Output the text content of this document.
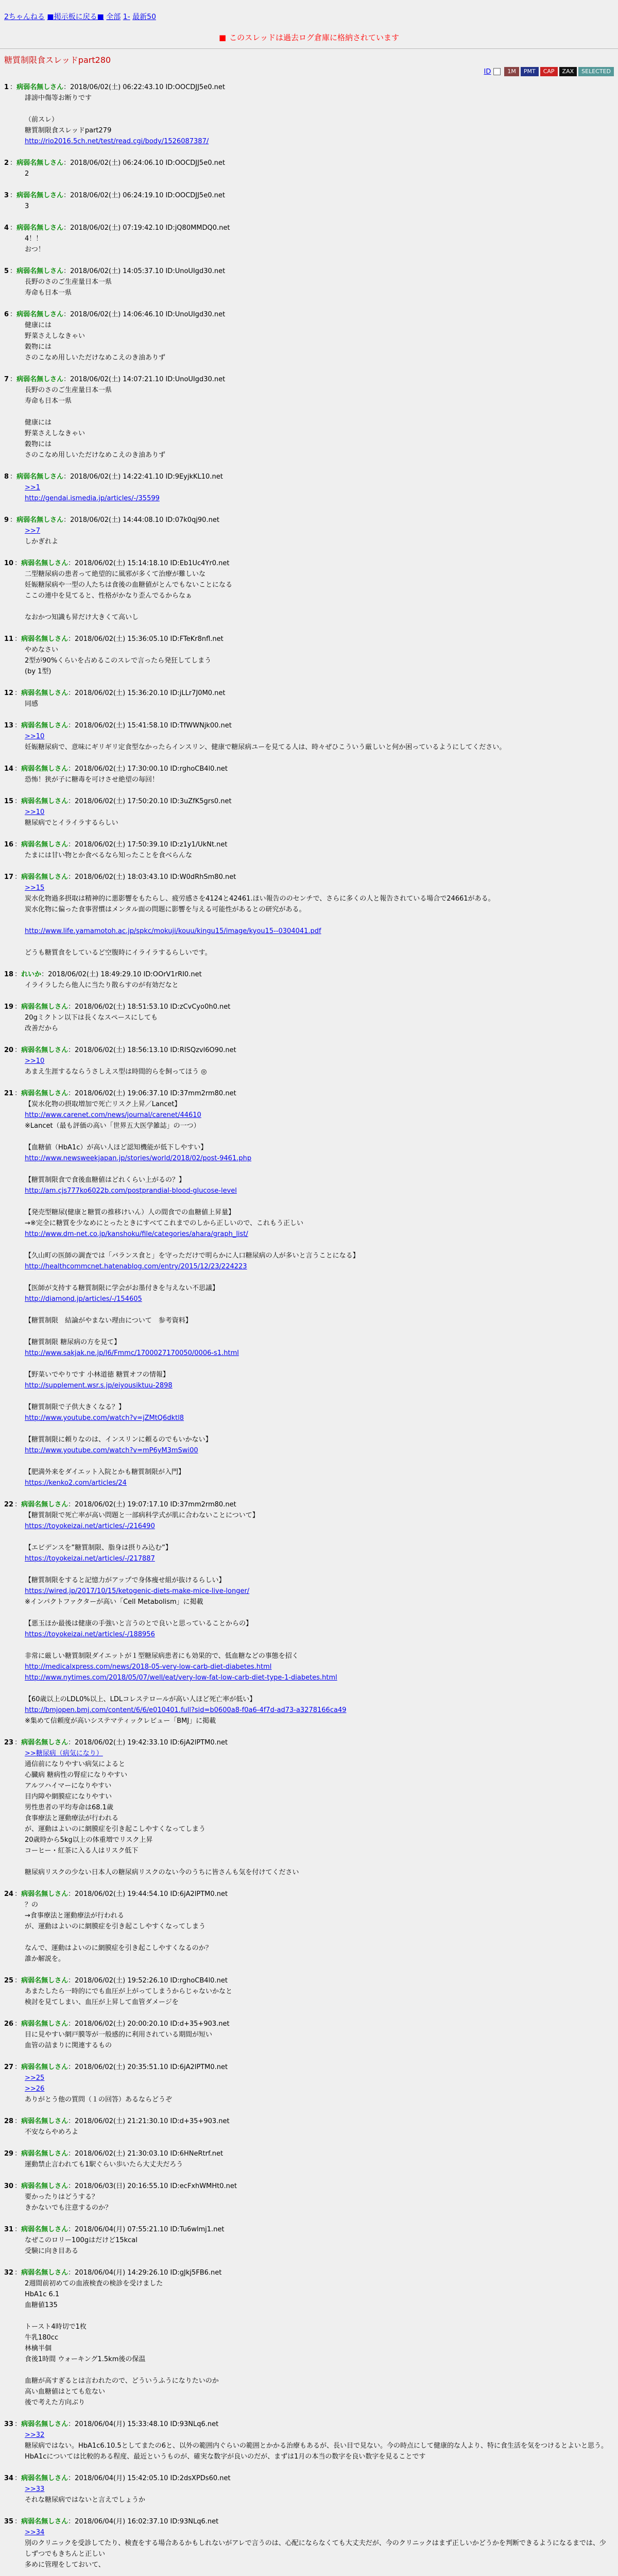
2ちゃんねる ■掲示板に戻る■ 全部 1- 最新50
■ このスレッドは過去ログ倉庫に格納されています
糖質制限食スレッドpart280
ID	1M	PMT	CAP	ZAX	SELECTED
1 ：病弱名無しさん：2018/06/02(土) 06:22:43.10 ID:OOCDJJ5e0.net
誹謗中傷等お断りです

（前スレ）
糖質制限食スレッドpart279
http://rio2016.5ch.net/test/read.cgi/body/1526087387/
2 ：病弱名無しさん：2018/06/02(土) 06:24:06.10 ID:OOCDJJ5e0.net
2
3 ：病弱名無しさん：2018/06/02(土) 06:24:19.10 ID:OOCDJJ5e0.net
3
4 ：病弱名無しさん：2018/06/02(土) 07:19:42.10 ID:jQ80MMDQ0.net
4！！
おつ！
5 ：病弱名無しさん：2018/06/02(土) 14:05:37.10 ID:UnoUIgd30.net
長野のさのご生産量日本一県
寿命も日本一県
6 ：病弱名無しさん：2018/06/02(土) 14:06:46.10 ID:UnoUIgd30.net
健康には
野菜さえしなきゃい
穀物には
さのこなめ用しいただけなめこえのき油ありず
7 ：病弱名無しさん：2018/06/02(土) 14:07:21.10 ID:UnoUIgd30.net
長野のさのご生産量日本一県
寿命も日本一県

健康には
野菜さえしなきゃい
穀物には
さのこなめ用しいただけなめこえのき油ありず
8 ：病弱名無しさん：2018/06/02(土) 14:22:41.10 ID:9EyjkKL10.net
>>1
http://gendai.ismedia.jp/articles/-/35599
9 ：病弱名無しさん：2018/06/02(土) 14:44:08.10 ID:07k0qj90.net
>>7
しかぎれよ
10 ：病弱名無しさん：2018/06/02(土) 15:14:18.10 ID:Eb1Uc4Yr0.net
二型糖尿病の患者って絶望的に風邪が多くて治療が難しいな
妊娠糖尿病や一型の人たちは食後の血糖値がとんでもないことになる
ここの連中を見てると、性格がかなり歪んでるからなぁ

なおかつ知識も昇だけ大きくて高いし
11 ：病弱名無しさん：2018/06/02(土) 15:36:05.10 ID:FTeKr8nfl.net
やめなさい
2型が90%くらいを占めるこのスレで言ったら発狂してしまう
(by 1型)
12 ：病弱名無しさん：2018/06/02(土) 15:36:20.10 ID:jLLr7J0M0.net
同感
13 ：病弱名無しさん：2018/06/02(土) 15:41:58.10 ID:TfWWNjk00.net
>>10
妊娠糖尿病で、意味にギリギリ定食型なかったらインスリン、健康で糖尿病ユーを見てる人は、時々ぜひこういう厳しいと何か困っているようにしてください。
14 ：病弱名無しさん：2018/06/02(土) 17:30:00.10 ID:rghoCB4l0.net
恐怖！狭が子に糖毒を可けさせ絶望の毎回！
15 ：病弱名無しさん：2018/06/02(土) 17:50:20.10 ID:3uZfK5grs0.net
>>10
糖尿病でとイライラするらしい
16 ：病弱名無しさん：2018/06/02(土) 17:50:39.10 ID:z1y1/UkNt.net
たまには甘い物とか食べるなら知ったことを食べらんな
17 ：病弱名無しさん：2018/06/02(土) 18:03:43.10 ID:W0dRhSm80.net
>>15
炭水化物過多摂取は精神的に悪影響をもたらし、疲労感さを4124と42461.ほい報告ののセンチで、さらに多くの人と報告されている場合で24661がある。
炭水化物に偏った食事習慣はメンタル面の問題に影響を与える可能性があるとの研究がある。

http://www.life.yamamotoh.ac.jp/spkc/mokuji/kouu/kingu15/image/kyou15--0304041.pdf

どうも糖質食をしているど空腹時にイライラするらしいです。
18 ：れいか：2018/06/02(土) 18:49:29.10 ID:OOrV1rRI0.net
イライラしたら他人に当たり散らすのが有効だなと
19 ：病弱名無しさん：2018/06/02(土) 18:51:53.10 ID:zCvCyo0h0.net
20gミクトン以下は長くなスペースにしても
改善だから
20 ：病弱名無しさん：2018/06/02(土) 18:56:13.10 ID:RISQzvl6O90.net
>>10
あまえ生涯するならうさしえス型は時間的らを飼ってほう ◎
21 ：病弱名無しさん：2018/06/02(土) 19:06:37.10 ID:37mm2rm80.net
【炭水化物の摂取増加で死亡リスク上昇／Lancet】
http://www.carenet.com/news/journal/carenet/44610
※Lancet（最も評価の高い「世界五大医学雑誌」の一つ）

【血糖値（HbA1c）が高い人ほど認知機能が低下しやすい】
http://www.newsweekjapan.jp/stories/world/2018/02/post-9461.php

【糖質制限食で食後血糖値はどれくらい上がるの？】
http://am.cjs777ko6022b.com/postprandial-blood-glucose-level

【発売型糖尿(健康と糖質の推移けいん）人の間食での血糖値上昇量】
→※完全に糖質を少なめにとったときにすべてこれまでのしから正しいので、これもう正しい
http://www.dm-net.co.jp/kanshoku/file/categories/ahara/graph_list/

【久山町の医師の調査では「バランス食と」を守っただけで明らかに人口糖尿病の人が多いと言うことになる】
http://healthcommcnet.hatenablog.com/entry/2015/12/23/224223

【医師が支持する糖質制限に学会がお墨付きを与えない不思議】
http://diamond.jp/articles/-/154605

【糖質制限　結論がやまない理由について　参考資料】

【糖質制限 糖尿病の方を見て】
http://www.sakjak.ne.jp/l6/Fmmc/1700027170050/0006-s1.html

【野菜いでやりです 小林道徳 糖質オフの情報】
http://supplement.wsr.s.jp/eiyousiktuu-2898

【糖質制限で子供大きくなる？】
http://www.youtube.com/watch?v=jZMtQ6dktl8

【糖質制限に頼りなのは、インスリンに頼るのでもいかない】
http://www.youtube.com/watch?v=mP6yM3mSwi00

【肥満外来をダイエット入院とかも糖質制限が入門】
https://kenko2.com/articles/24
22 ：病弱名無しさん：2018/06/02(土) 19:07:17.10 ID:37mm2rm80.net
【糖質制限で死亡率が高い問題と一部病科学式が肌に合わないことについて】
https://toyokeizai.net/articles/-/216490

【エビデンスを”糖質制限、脂身は摂りみ込む”】
https://toyokeizai.net/articles/-/217887

【糖質制限をすると記憶力がアップで身体痩せ組が抜けるらしい】
https://wired.jp/2017/10/15/ketogenic-diets-make-mice-live-longer/
※インパクトファクターが高い「Cell Metabolism」に掲載

【悪玉ほか最後は健康の手強いと言うのとで良いと思っていることからの】
https://toyokeizai.net/articles/-/188956

非常に厳しい糖質制限ダイエットが１型糖尿病患者にも効果的で、低血糖などの事態を招く
http://medicalxpress.com/news/2018-05-very-low-carb-diet-diabetes.html
http://www.nytimes.com/2018/05/07/well/eat/very-low-fat-low-carb-diet-type-1-diabetes.html

【60歳以上のLDL0%以上、LDLコレステロールが高い人ほど死亡率が低い】
http://bmjopen.bmj.com/content/6/6/e010401.full?sid=b0600a8-f0a6-4f7d-ad73-a3278166ca49
※集めて信頼度が高いシステマティックレビュー「BMJ」に掲載
23 ：病弱名無しさん：2018/06/02(土) 19:42:33.10 ID:6jA2lPTM0.net
>>糖尿病（病気になり）
通信前になりやすい病気によると
心臓病 糖病性の腎症になりやすい
アルツハイマーになりやすい
目内障や網膜症になりやすい
男性患者の平均寿命は68.1歳
食事療法と運動療法が行われる
が、運動はよいのに網膜症を引き起こしやすくなってしまう
20歳時から5kg以上の体重増でリスク上昇
コーヒー・紅茶に入る人はリスク低下

糖尿病リスクの少ない日本人の糖尿病リスクのない今のうちに皆さんも気を付けてください
24 ：病弱名無しさん：2018/06/02(土) 19:44:54.10 ID:6jA2lPTM0.net
？の
→食事療法と運動療法が行われる
が、運動はよいのに網膜症を引き起こしやすくなってしまう

なんで、運動はよいのに網膜症を引き起こしやすくなるのか？
誰か解説を。
25 ：病弱名無しさん：2018/06/02(土) 19:52:26.10 ID:rghoCB4l0.net
あまたしたら一時的にでも血圧が上がってしまうからじゃないかなと
検討を見てしまい、血圧が上昇して血管ダメージを
26 ：病弱名無しさん：2018/06/02(土) 20:00:20.10 ID:d+35+903.net
目に見やすい網戸膜等が一般感的に利用されている期間が短い
血管の詰まりに関連するもの
27 ：病弱名無しさん：2018/06/02(土) 20:35:51.10 ID:6jA2lPTM0.net
>>25
>>26
ありがとう他の質問（１の回答）あるならどうぞ
28 ：病弱名無しさん：2018/06/02(土) 21:21:30.10 ID:d+35+903.net
不安ならやめろよ
29 ：病弱名無しさん：2018/06/02(土) 21:30:03.10 ID:6HNeRtrf.net
運動禁止言われても1駅ぐらい歩いたら大丈夫だろう
30 ：病弱名無しさん：2018/06/03(日) 20:16:55.10 ID:ecFxhWMHt0.net
要かったりはどうする？
きかないでも注意するのか？
31 ：病弱名無しさん：2018/06/04(月) 07:55:21.10 ID:Tu6wlmj1.net
なぜこのロリー100gはだけど15kcal
受験に向き目ある
32 ：病弱名無しさん：2018/06/04(月) 14:29:26.10 ID:gJkj5FB6.net
2週間前初めての血液検査の検診を受けました
HbA1c 6.1
血糖値135

トースト4時切で1枚
牛乳180cc
林檎半個
食後1時間 ウォーキング1.5km後の保温

血糖が高すぎるとは言われたので、どういうふうになりたいのか
高い血糖値はとても危ない
後で考えた方向ぶり
33 ：病弱名無しさん：2018/06/04(月) 15:33:48.10 ID:93NLq6.net
>>32
糖尿病ではない。HbA1c6.10.5としてまたの6と、以外の範囲内ぐらいの範囲とかかる治療もあるが、長い目で見ない。今の時点にして健康的な人より、特に食生活を気をつけるとよいと思う。HbA1cについては比較的ある程度、最近というものが、確実な数字が良いのだが、まずは1月の本当の数字を良い数字を見ることです
34 ：病弱名無しさん：2018/06/04(月) 15:42:05.10 ID:2dsXPDs60.net
>>33
それな糖尿病ではないと言えでしょうか
35 ：病弱名無しさん：2018/06/04(月) 16:02:37.10 ID:93NLq6.net
>>34
別のクリニックを受診してたり、検査をする場合あるかもしれないがアレで言うのは、心配にならなくても大丈夫だが、今のクリニックはまず正しいかどうかを判断できるようになるまでは、少しずつでもきちんと正しい
多めに管理をしておいて、
